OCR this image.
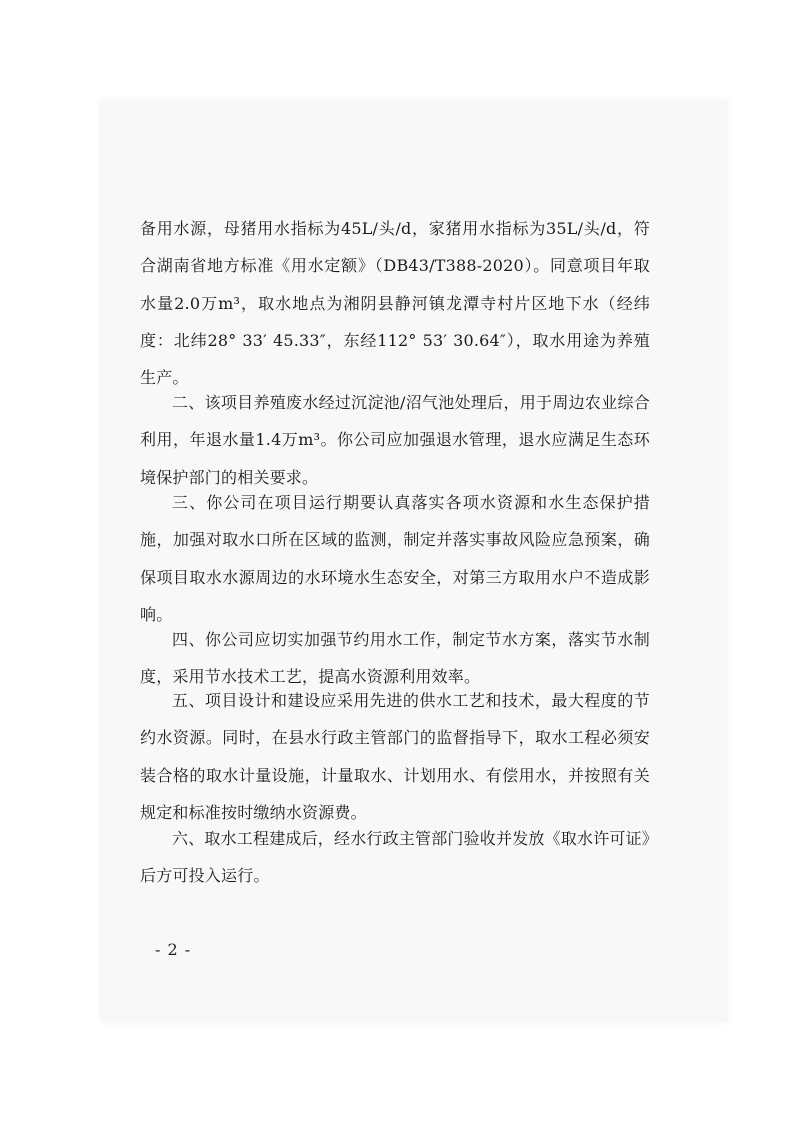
备用水源，母猪用水指标为45L/头/d，家猪用水指标为35L/头/d，符合湖南省地方标准《用水定额》（DB43/T388-2020）。同意项目年取水量2.0万m³，取水地点为湘阴县静河镇龙潭寺村片区地下水（经纬度：北纬28° 33′ 45.33″，东经112° 53′ 30.64″），取水用途为养殖生产。

二、该项目养殖废水经过沉淀池/沼气池处理后，用于周边农业综合利用，年退水量1.4万m³。你公司应加强退水管理，退水应满足生态环境保护部门的相关要求。

三、你公司在项目运行期要认真落实各项水资源和水生态保护措施，加强对取水口所在区域的监测，制定并落实事故风险应急预案，确保项目取水水源周边的水环境水生态安全，对第三方取用水户不造成影响。

四、你公司应切实加强节约用水工作，制定节水方案，落实节水制度，采用节水技术工艺，提高水资源利用效率。

五、项目设计和建设应采用先进的供水工艺和技术，最大程度的节约水资源。同时，在县水行政主管部门的监督指导下，取水工程必须安装合格的取水计量设施，计量取水、计划用水、有偿用水，并按照有关规定和标准按时缴纳水资源费。

六、取水工程建成后，经水行政主管部门验收并发放《取水许可证》后方可投入运行。

- 2 -
